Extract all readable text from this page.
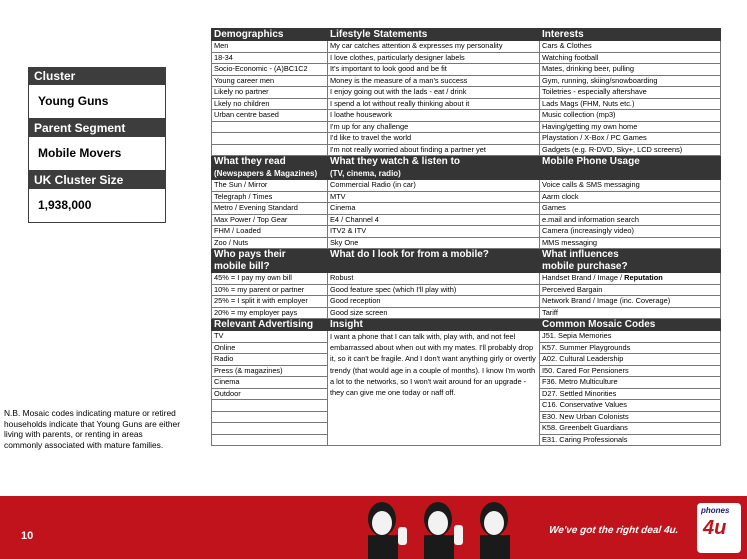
Cluster
Young Guns
Parent Segment
Mobile Movers
UK Cluster Size
1,938,000
N.B. Mosaic codes indicating mature or retired households indicate that Young Guns are either living with parents, or renting in areas commonly associated with mature families.
Demographics	Lifestyle Statements	Interests
Men	My car catches attention & expresses my personality	Cars & Clothes
18-34	I love clothes, particularly designer labels	Watching football
Socio-Economic - (A)BC1C2	It's important to look good and be fit	Mates, drinking beer, pulling
Young career men	Money is the measure of a man's success	Gym, running, skiing/snowboarding
Likely no partner	I enjoy going out with the lads - eat / drink	Toiletries - especially aftershave
Lkely no children	I spend a lot without really thinking about it	Lads Mags (FHM, Nuts etc.)
Urban centre based	I loathe housework	Music collection (mp3)
	I'm up for any challenge	Having/getting my own home
	I'd like to travel the world	Playstation / X-Box / PC Games
	I'm not really worried about finding a partner yet	Gadgets (e.g. R-DVD, Sky+, LCD screens)
What they read	What they watch & listen to	Mobile Phone Usage
(Newspapers & Magazines)	(TV, cinema, radio)	
The Sun / Mirror	Commercial Radio (in car)	Voice calls & SMS messaging
Telegraph / Times	MTV	Aarm clock
Metro / Evening Standard	Cinema	Games
Max Power / Top Gear	E4 / Channel 4	e.mail and information search
FHM / Loaded	ITV2 & ITV	Camera (increasingly video)
Zoo / Nuts	Sky One	MMS messaging
Who pays their	What do I look for from a mobile?	What influences
mobile bill?		mobile purchase?
45% = I pay my own bill	Robust	Handset Brand / Image / Reputation
10% = my parent or partner	Good feature spec (which I'll play with)	Perceived Bargain
25% = I split it with employer	Good reception	Network Brand / Image (inc. Coverage)
20% = my employer pays	Good size screen	Tariff
Relevant Advertising	Insight	Common Mosaic Codes
TV	I want a phone that I can talk with, play with, and not feel embarrassed about when out with my mates. I'll probably drop it, so it can't be fragile. And I don't want anything girly or overtly trendy (that would age in a couple of months). I know I'm worth a lot to the networks, so I won't wait around for an upgrade - they can give me one today or naff off.	J51. Sepia Memories
Online		K57. Summer Playgrounds
Radio		A02. Cultural Leadership
Press (& magazines)		I50. Cared For Pensioners
Cinema		F36. Metro Multiculture
Outdoor		D27. Settled Minorities
		C16. Conservative Values
		E30. New Urban Colonists
		K58. Greenbelt Guardians
		E31. Caring Professionals
10	We've got the right deal 4u.
phones
4u
